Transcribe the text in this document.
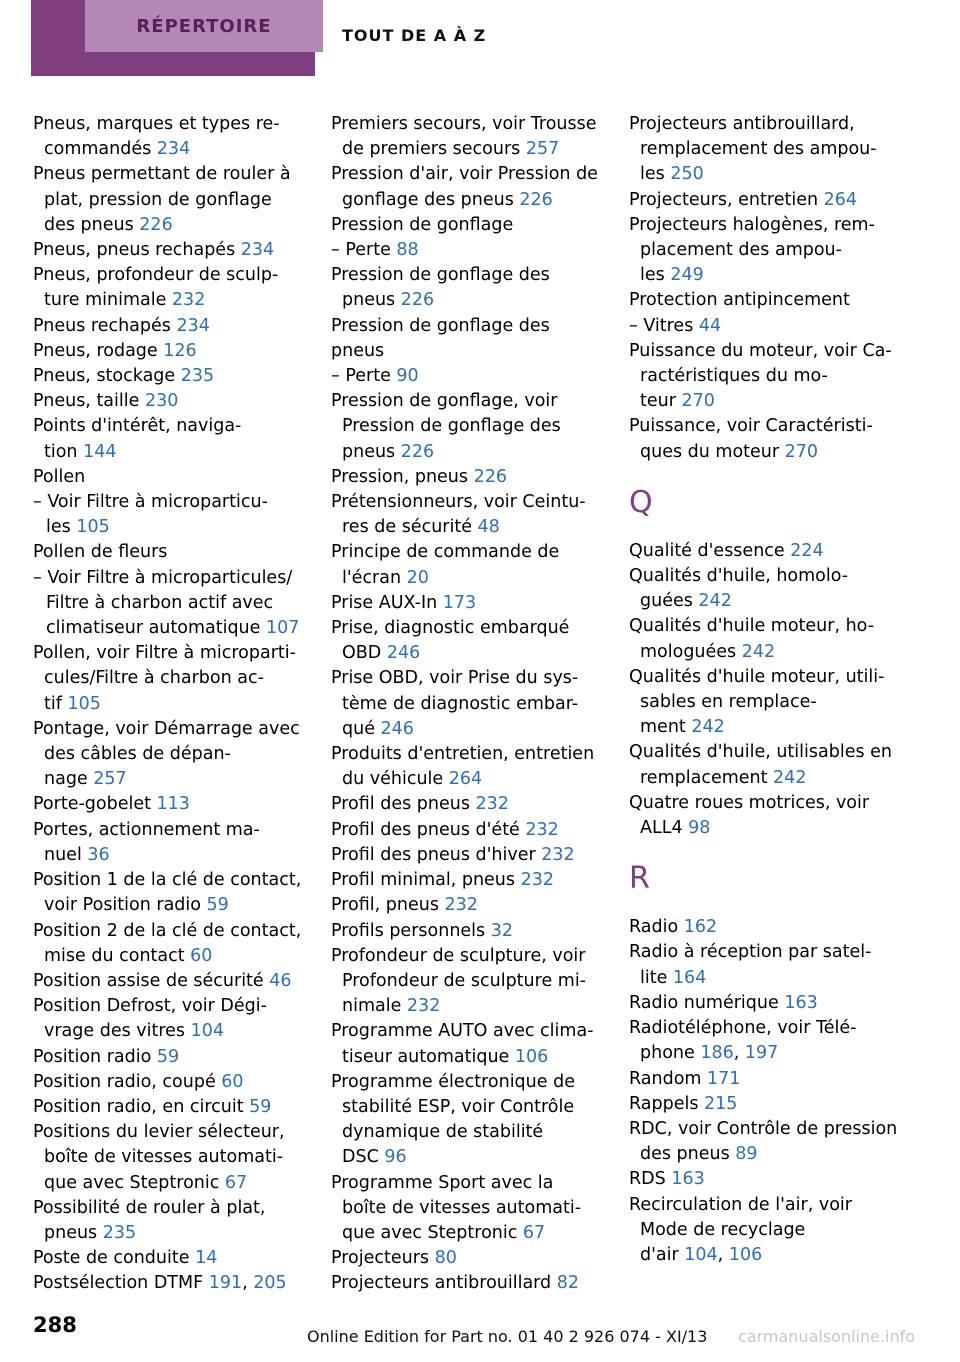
RÉPERTOIRE	TOUT DE A À Z
Pneus, marques et types re-
commandés 234
Pneus permettant de rouler à
plat, pression de gonflage
des pneus 226
Pneus, pneus rechapés 234
Pneus, profondeur de sculp-
ture minimale 232
Pneus rechapés 234
Pneus, rodage 126
Pneus, stockage 235
Pneus, taille 230
Points d'intérêt, naviga-
tion 144
Pollen
– Voir Filtre à microparticu-
les 105
Pollen de fleurs
– Voir Filtre à microparticules/
Filtre à charbon actif avec
climatiseur automatique 107
Pollen, voir Filtre à microparti-
cules/Filtre à charbon ac-
tif 105
Pontage, voir Démarrage avec
des câbles de dépan-
nage 257
Porte-gobelet 113
Portes, actionnement ma-
nuel 36
Position 1 de la clé de contact,
voir Position radio 59
Position 2 de la clé de contact,
mise du contact 60
Position assise de sécurité 46
Position Defrost, voir Dégi-
vrage des vitres 104
Position radio 59
Position radio, coupé 60
Position radio, en circuit 59
Positions du levier sélecteur,
boîte de vitesses automati-
que avec Steptronic 67
Possibilité de rouler à plat,
pneus 235
Poste de conduite 14
Postsélection DTMF 191, 205
Premiers secours, voir Trousse
de premiers secours 257
Pression d'air, voir Pression de
gonflage des pneus 226
Pression de gonflage
– Perte 88
Pression de gonflage des
pneus 226
Pression de gonflage des
pneus
– Perte 90
Pression de gonflage, voir
Pression de gonflage des
pneus 226
Pression, pneus 226
Prétensionneurs, voir Ceintu-
res de sécurité 48
Principe de commande de
l'écran 20
Prise AUX-In 173
Prise, diagnostic embarqué
OBD 246
Prise OBD, voir Prise du sys-
tème de diagnostic embar-
qué 246
Produits d'entretien, entretien
du véhicule 264
Profil des pneus 232
Profil des pneus d'été 232
Profil des pneus d'hiver 232
Profil minimal, pneus 232
Profil, pneus 232
Profils personnels 32
Profondeur de sculpture, voir
Profondeur de sculpture mi-
nimale 232
Programme AUTO avec clima-
tiseur automatique 106
Programme électronique de
stabilité ESP, voir Contrôle
dynamique de stabilité
DSC 96
Programme Sport avec la
boîte de vitesses automati-
que avec Steptronic 67
Projecteurs 80
Projecteurs antibrouillard 82
Projecteurs antibrouillard,
remplacement des ampou-
les 250
Projecteurs, entretien 264
Projecteurs halogènes, rem-
placement des ampou-
les 249
Protection antipincement
– Vitres 44
Puissance du moteur, voir Ca-
ractéristiques du mo-
teur 270
Puissance, voir Caractéristi-
ques du moteur 270
Q
Qualité d'essence 224
Qualités d'huile, homolo-
guées 242
Qualités d'huile moteur, ho-
mologuées 242
Qualités d'huile moteur, utili-
sables en remplace-
ment 242
Qualités d'huile, utilisables en
remplacement 242
Quatre roues motrices, voir
ALL4 98
R
Radio 162
Radio à réception par satel-
lite 164
Radio numérique 163
Radiotéléphone, voir Télé-
phone 186, 197
Random 171
Rappels 215
RDC, voir Contrôle de pression
des pneus 89
RDS 163
Recirculation de l'air, voir
Mode de recyclage
d'air 104, 106
288	Online Edition for Part no. 01 40 2 926 074 - XI/13 carmanualsonline.info
